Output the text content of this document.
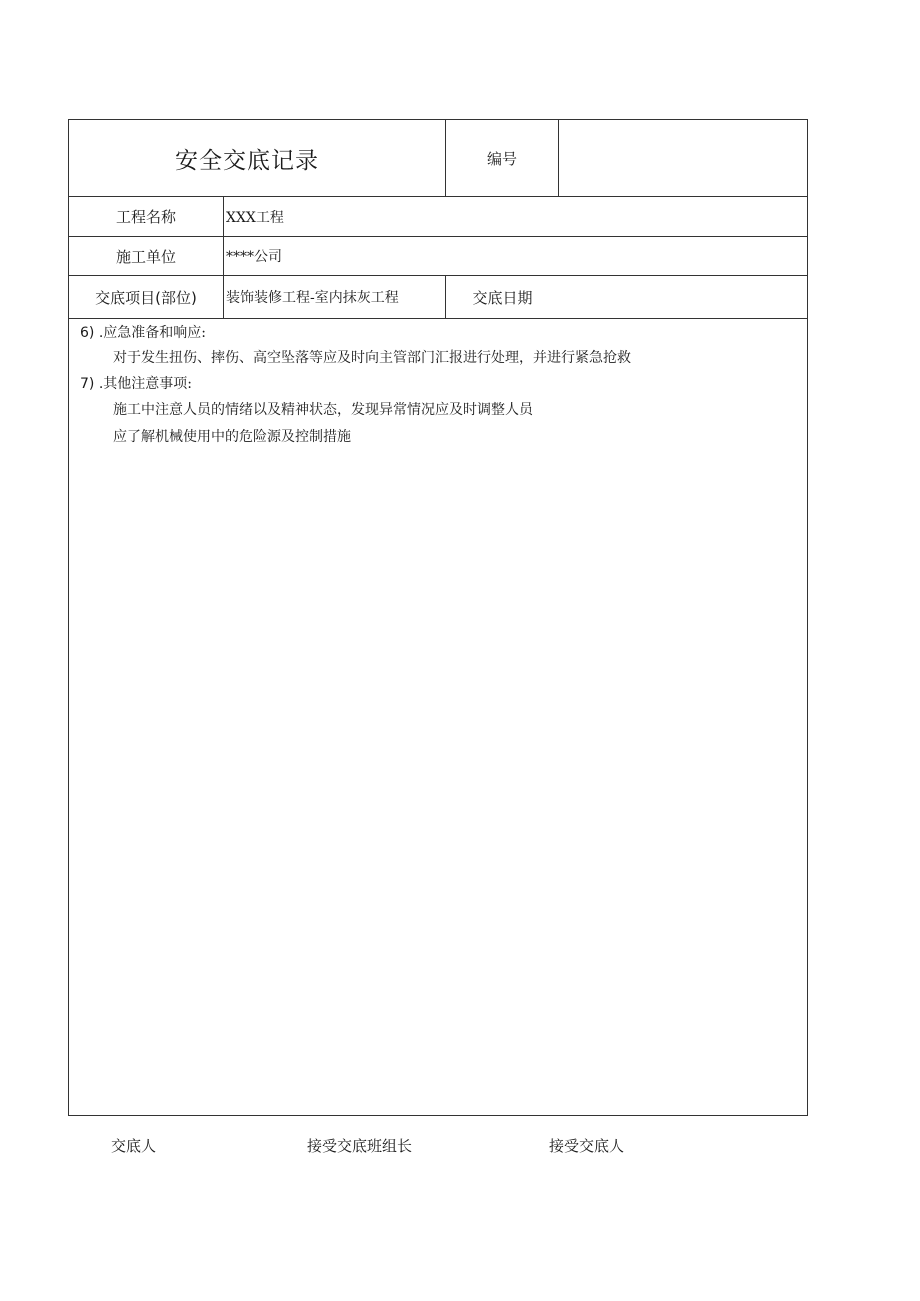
安全交底记录	编号
工程名称	XXX工程
施工单位	****公司
交底项目(部位) 装饰装修工程-室内抹灰工程	交底日期
6) .应急准备和响应:
对于发生扭伤、摔伤、高空坠落等应及时向主管部门汇报进行处理，并进行紧急抢救
7) .其他注意事项:
施工中注意人员的情绪以及精神状态，发现异常情况应及时调整人员
应了解机械使用中的危险源及控制措施
交底人	接受交底班组长	接受交底人
